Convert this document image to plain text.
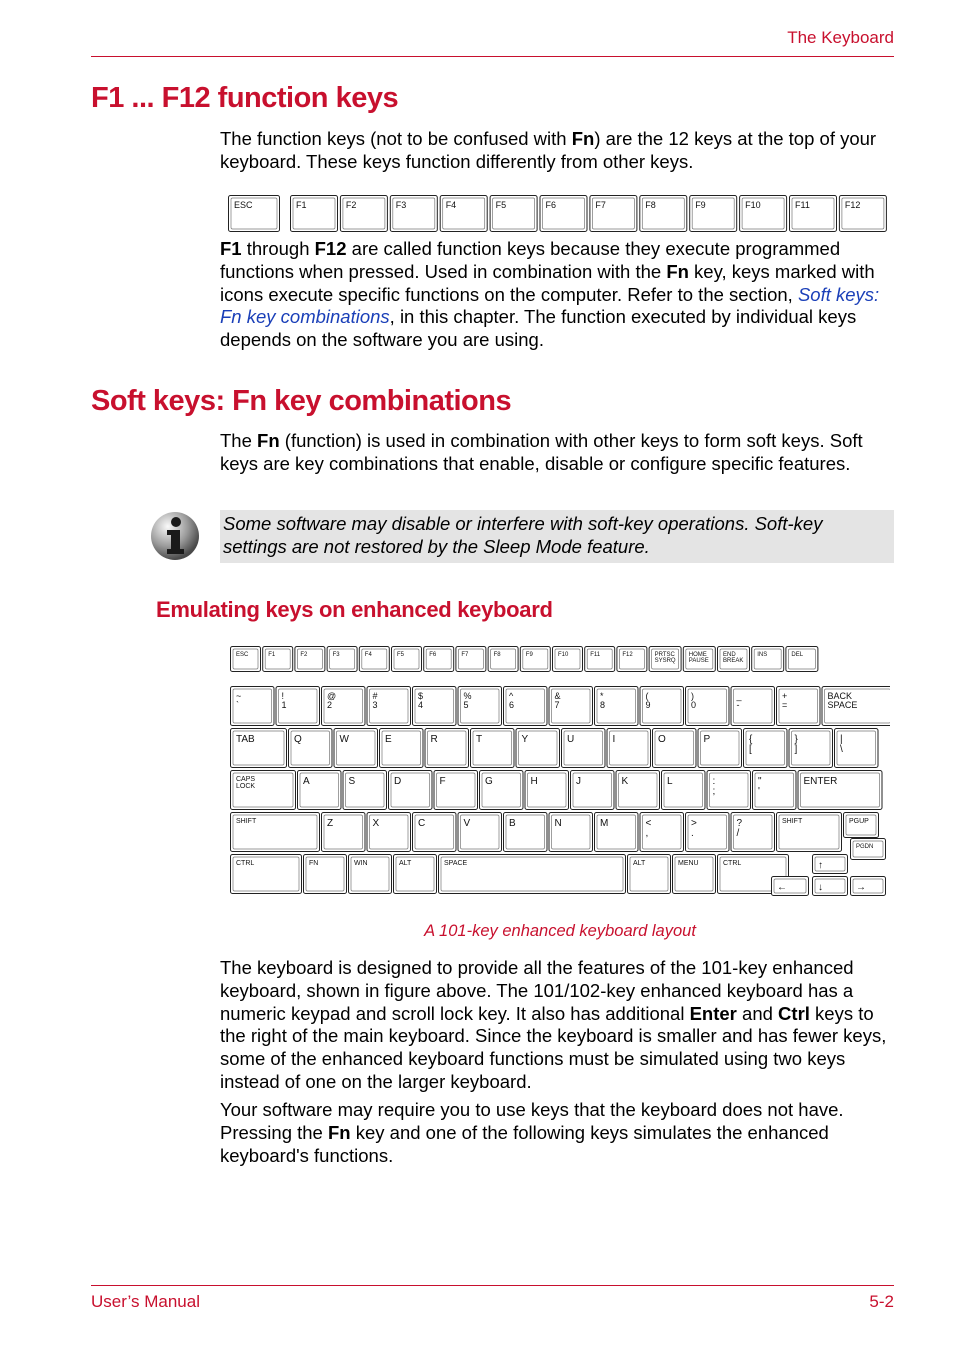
The Keyboard
F1 ... F12 function keys

The function keys (not to be confused with Fn) are the 12 keys at the top of your keyboard. These keys function differently from other keys.

ESC	F1	F2	F3	F4	F5	F6	F7	F8	F9	F10	F11	F12

F1 through F12 are called function keys because they execute programmed functions when pressed. Used in combination with the Fn key, keys marked with icons execute specific functions on the computer. Refer to the section, Soft keys: Fn key combinations, in this chapter. The function executed by individual keys depends on the software you are using.

Soft keys: Fn key combinations

The Fn (function) is used in combination with other keys to form soft keys. Soft keys are key combinations that enable, disable or configure specific features.

Some software may disable or interfere with soft-key operations. Soft-key settings are not restored by the Sleep Mode feature.
Emulating keys on enhanced keyboard
ESC	F1	F2	F3	F4	F5	F6	F7	F8	F9	F10	F11	F12	PRTSC
SYSRQ
HOME
PAUSE
END
BREAK
INS	DEL
~
`
!
1
@
2
#
3
$
4
%
5
^
6
&
7
*
8
(
9
)
0
_
-
+
=
BACK
SPACE
TAB	Q	W	E	R	T	Y	U	I	O	P	{
[
}
]
|
\
CAPS
LOCK	A	S	D	F	G	H	J	K	L	:
;
"
'
ENTER
SHIFT	Z	X	C	V	B	N	M	<
,
>
.
?
/
SHIFT	PGUP
CTRL	FN	WIN	ALT	SPACE	ALT	MENU	CTRL
PGDN
↑
←	↓	→
A 101-key enhanced keyboard layout

The keyboard is designed to provide all the features of the 101-key enhanced keyboard, shown in figure above. The 101/102-key enhanced keyboard has a numeric keypad and scroll lock key. It also has additional Enter and Ctrl keys to the right of the main keyboard. Since the keyboard is smaller and has fewer keys, some of the enhanced keyboard functions must be simulated using two keys instead of one on the larger keyboard.

Your software may require you to use keys that the keyboard does not have. Pressing the Fn key and one of the following keys simulates the enhanced keyboard's functions.

User’s Manual	5-2
